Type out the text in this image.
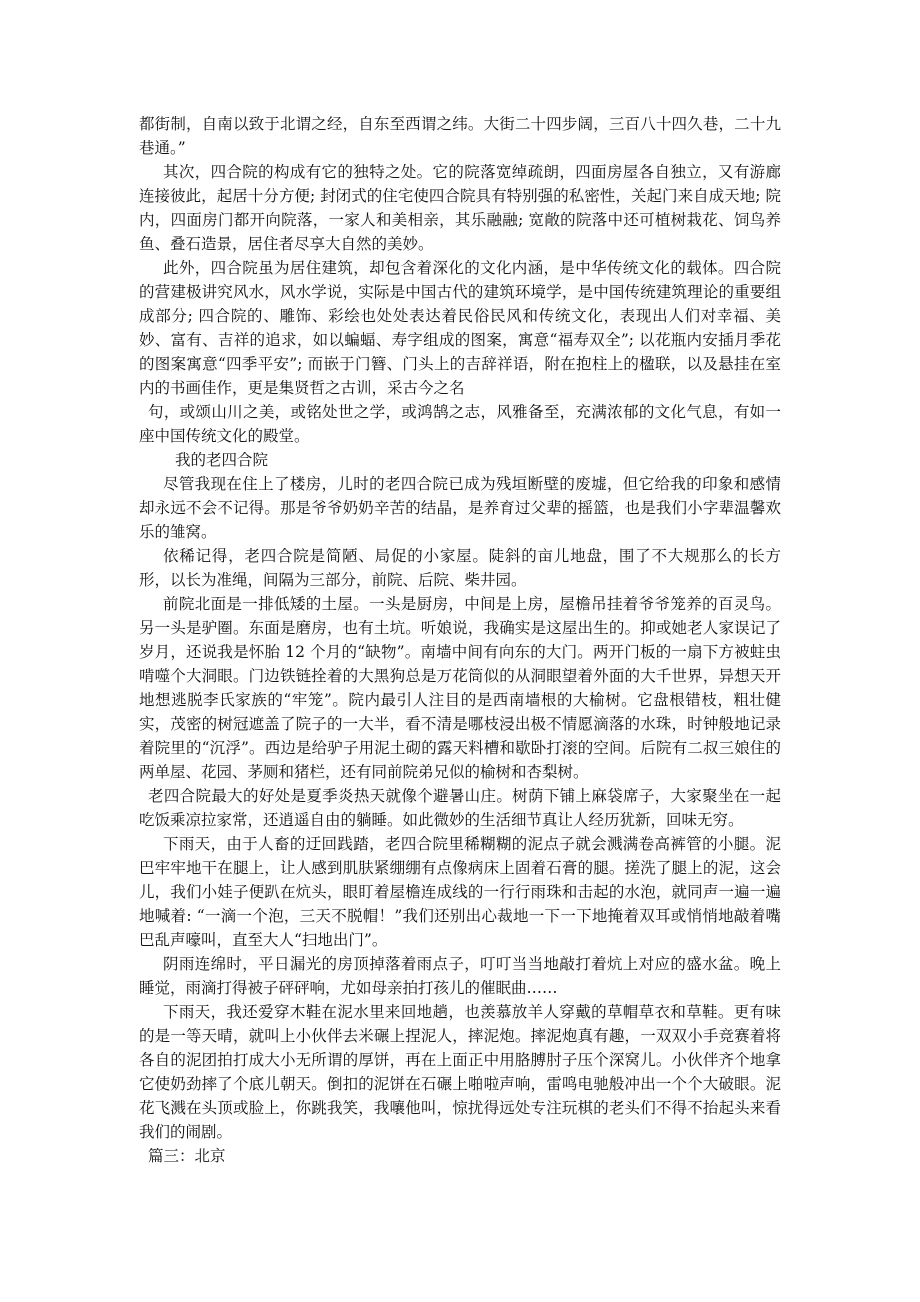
都街制，自南以致于北谓之经，自东至西谓之纬。大街二十四步阔，三百八十四久巷，二十九巷通。”

其次，四合院的构成有它的独特之处。它的院落宽绰疏朗，四面房屋各自独立，又有游廊连接彼此，起居十分方便; 封闭式的住宅使四合院具有特别强的私密性，关起门来自成天地; 院内，四面房门都开向院落，一家人和美相亲，其乐融融; 宽敞的院落中还可植树栽花、饲鸟养鱼、叠石造景，居住者尽享大自然的美妙。

此外，四合院虽为居住建筑，却包含着深化的文化内涵，是中华传统文化的载体。四合院的营建极讲究风水，风水学说，实际是中国古代的建筑环境学，是中国传统建筑理论的重要组成部分; 四合院的、雕饰、彩绘也处处表达着民俗民风和传统文化，表现出人们对幸福、美妙、富有、吉祥的追求，如以蝙蝠、寿字组成的图案，寓意“福寿双全”; 以花瓶内安插月季花的图案寓意“四季平安”; 而嵌于门簪、门头上的吉辞祥语，附在抱柱上的楹联，以及悬挂在室内的书画佳作，更是集贤哲之古训，采古今之名

句，或颂山川之美，或铭处世之学，或鸿鹄之志，风雅备至，充满浓郁的文化气息，有如一座中国传统文化的殿堂。

我的老四合院

尽管我现在住上了楼房，儿时的老四合院已成为残垣断壁的废墟，但它给我的印象和感情却永远不会不记得。那是爷爷奶奶辛苦的结晶，是养育过父辈的摇篮，也是我们小字辈温馨欢乐的雏窝。

依稀记得，老四合院是简陋、局促的小家屋。陡斜的亩儿地盘，围了不大规那么的长方形，以长为准绳，间隔为三部分，前院、后院、柴井园。

前院北面是一排低矮的土屋。一头是厨房，中间是上房，屋檐吊挂着爷爷笼养的百灵鸟。另一头是驴圈。东面是磨房，也有土坑。听娘说，我确实是这屋出生的。抑或她老人家误记了岁月，还说我是怀胎 12 个月的“缺物”。南墙中间有向东的大门。两开门板的一扇下方被蛀虫啃噬个大洞眼。门边铁链拴着的大黑狗总是万花筒似的从洞眼望着外面的大千世界，异想天开地想逃脱李氏家族的“牢笼”。院内最引人注目的是西南墙根的大榆树。它盘根错枝，粗壮健实，茂密的树冠遮盖了院子的一大半，看不清是哪枝浸出极不情愿滴落的水珠，时钟般地记录着院里的“沉浮”。西边是给驴子用泥土砌的露天料槽和歇卧打滚的空间。后院有二叔三娘住的两单屋、花园、茅厕和猪栏，还有同前院弟兄似的榆树和杏梨树。

老四合院最大的好处是夏季炎热天就像个避暑山庄。树荫下铺上麻袋席子，大家聚坐在一起吃饭乘凉拉家常，还逍遥自由的躺睡。如此微妙的生活细节真让人经历犹新，回味无穷。

下雨天，由于人畜的迂回践踏，老四合院里稀糊糊的泥点子就会溅满卷高裤管的小腿。泥巴牢牢地干在腿上，让人感到肌肤紧绷绷有点像病床上固着石膏的腿。搓洗了腿上的泥，这会儿，我们小娃子便趴在炕头，眼盯着屋檐连成线的一行行雨珠和击起的水泡，就同声一遍一遍地喊着: “一滴一个泡，三天不脱帽！”我们还别出心裁地一下一下地掩着双耳或悄悄地敲着嘴巴乱声嚎叫，直至大人“扫地出门”。

阴雨连绵时，平日漏光的房顶掉落着雨点子，叮叮当当地敲打着炕上对应的盛水盆。晚上睡觉，雨滴打得被子砰砰响，尤如母亲拍打孩儿的催眠曲……

下雨天，我还爱穿木鞋在泥水里来回地趟，也羡慕放羊人穿戴的草帽草衣和草鞋。更有味的是一等天晴，就叫上小伙伴去米碾上捏泥人，摔泥炮。摔泥炮真有趣，一双双小手竞赛着将各自的泥团拍打成大小无所谓的厚饼，再在上面正中用胳膊肘子压个深窝儿。小伙伴齐个地拿它使奶劲摔了个底儿朝天。倒扣的泥饼在石碾上啪啦声响，雷鸣电驰般冲出一个个大破眼。泥花飞溅在头顶或脸上，你跳我笑，我嚷他叫，惊扰得远处专注玩棋的老头们不得不抬起头来看我们的闹剧。

篇三：北京
